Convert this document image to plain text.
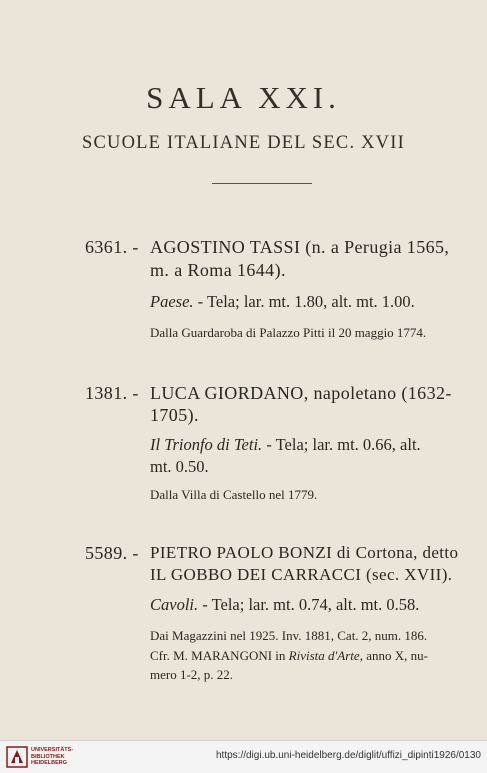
SALA XXI.
SCUOLE ITALIANE DEL SEC. XVII
6361. - AGOSTINO TASSI (n. a Perugia 1565,
m. a Roma 1644).
Paese. - Tela; lar. mt. 1.80, alt. mt. 1.00.
Dalla Guardaroba di Palazzo Pitti il 20 maggio 1774.
1381. - LUCA GIORDANO, napoletano (1632-
1705).
Il Trionfo di Teti. - Tela; lar. mt. 0.66, alt.
mt. 0.50.
Dalla Villa di Castello nel 1779.
5589. - PIETRO PAOLO BONZI di Cortona, detto
IL GOBBO DEI CARRACCI (sec. XVII).
Cavoli. - Tela; lar. mt. 0.74, alt. mt. 0.58.
Dai Magazzini nel 1925. Inv. 1881, Cat. 2, num. 186.
Cfr. M. MARANGONI in Rivista d'Arte, anno X, nu-
mero 1-2, p. 22.
UNIVERSITÄTS-
BIBLIOTHEK
HEIDELBERG
https://digi.ub.uni-heidelberg.de/diglit/uffizi_dipinti1926/0130
